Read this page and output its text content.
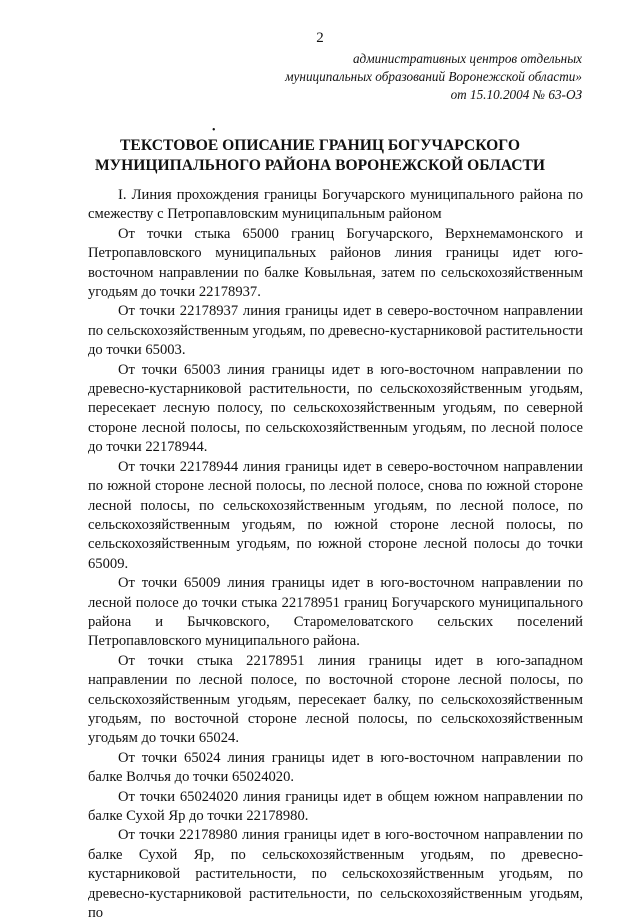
2
административных центров отдельных
муниципальных образований Воронежской области»
от 15.10.2004 № 63-ОЗ
•
ТЕКСТОВОЕ ОПИСАНИЕ ГРАНИЦ БОГУЧАРСКОГО
МУНИЦИПАЛЬНОГО РАЙОНА ВОРОНЕЖСКОЙ ОБЛАСТИ

I. Линия прохождения границы Богучарского муниципального района по смежеству с Петропавловским муниципальным районом

От точки стыка 65000 границ Богучарского, Верхнемамонского и Петропавловского муниципальных районов линия границы идет юго-восточном направлении по балке Ковыльная, затем по сельскохозяйственным угодьям до точки 22178937.

От точки 22178937 линия границы идет в северо-восточном направлении по сельскохозяйственным угодьям, по древесно-кустарниковой растительности до точки 65003.

От точки 65003 линия границы идет в юго-восточном направлении по древесно-кустарниковой растительности, по сельскохозяйственным угодьям, пересекает лесную полосу, по сельскохозяйственным угодьям, по северной стороне лесной полосы, по сельскохозяйственным угодьям, по лесной полосе до точки 22178944.

От точки 22178944 линия границы идет в северо-восточном направлении по южной стороне лесной полосы, по лесной полосе, снова по южной стороне лесной полосы, по сельскохозяйственным угодьям, по лесной полосе, по сельскохозяйственным угодьям, по южной стороне лесной полосы, по сельскохозяйственным угодьям, по южной стороне лесной полосы до точки 65009.

От точки 65009 линия границы идет в юго-восточном направлении по лесной полосе до точки стыка 22178951 границ Богучарского муниципального района и Бычковского, Старомеловатского сельских поселений Петропавловского муниципального района.

От точки стыка 22178951 линия границы идет в юго-западном направлении по лесной полосе, по восточной стороне лесной полосы, по сельскохозяйственным угодьям, пересекает балку, по сельскохозяйственным угодьям, по восточной стороне лесной полосы, по сельскохозяйственным угодьям до точки 65024.

От точки 65024 линия границы идет в юго-восточном направлении по балке Волчья до точки 65024020.

От точки 65024020 линия границы идет в общем южном направлении по балке Сухой Яр до точки 22178980.

От точки 22178980 линия границы идет в юго-восточном направлении по балке Сухой Яр, по сельскохозяйственным угодьям, по древесно-кустарниковой растительности, по сельскохозяйственным угодьям, по древесно-кустарниковой растительности, по сельскохозяйственным угодьям, по
